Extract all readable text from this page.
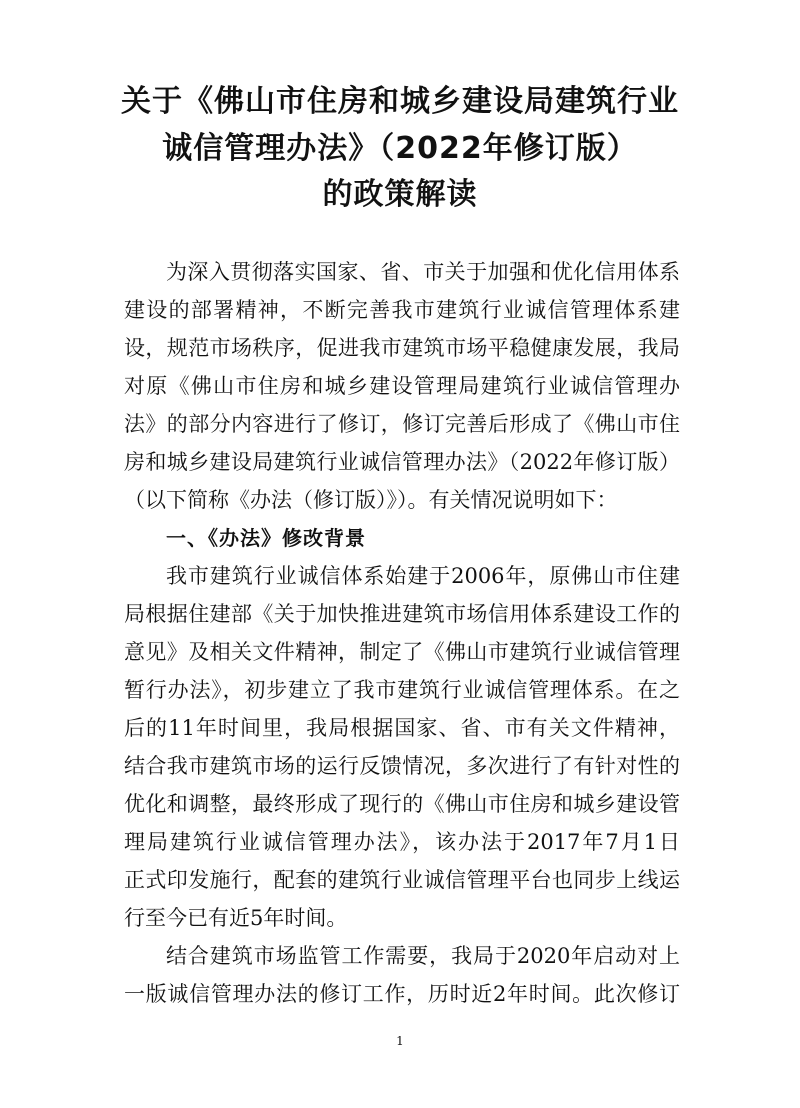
关于《佛山市住房和城乡建设局建筑行业
诚信管理办法》（2022年修订版）
的政策解读
为深入贯彻落实国家、省、市关于加强和优化信用体系
建设的部署精神，不断完善我市建筑行业诚信管理体系建
设，规范市场秩序，促进我市建筑市场平稳健康发展，我局
对原《佛山市住房和城乡建设管理局建筑行业诚信管理办
法》的部分内容进行了修订，修订完善后形成了《佛山市住
房和城乡建设局建筑行业诚信管理办法》（2022年修订版）
（以下简称《办法（修订版）》）。有关情况说明如下：
一、《办法》修改背景
我市建筑行业诚信体系始建于2006年，原佛山市住建
局根据住建部《关于加快推进建筑市场信用体系建设工作的
意见》及相关文件精神，制定了《佛山市建筑行业诚信管理
暂行办法》，初步建立了我市建筑行业诚信管理体系。在之
后的11年时间里，我局根据国家、省、市有关文件精神，
结合我市建筑市场的运行反馈情况，多次进行了有针对性的
优化和调整，最终形成了现行的《佛山市住房和城乡建设管
理局建筑行业诚信管理办法》，该办法于2017年7月1日
正式印发施行，配套的建筑行业诚信管理平台也同步上线运
行至今已有近5年时间。
结合建筑市场监管工作需要，我局于2020年启动对上
一版诚信管理办法的修订工作，历时近2年时间。此次修订
1
